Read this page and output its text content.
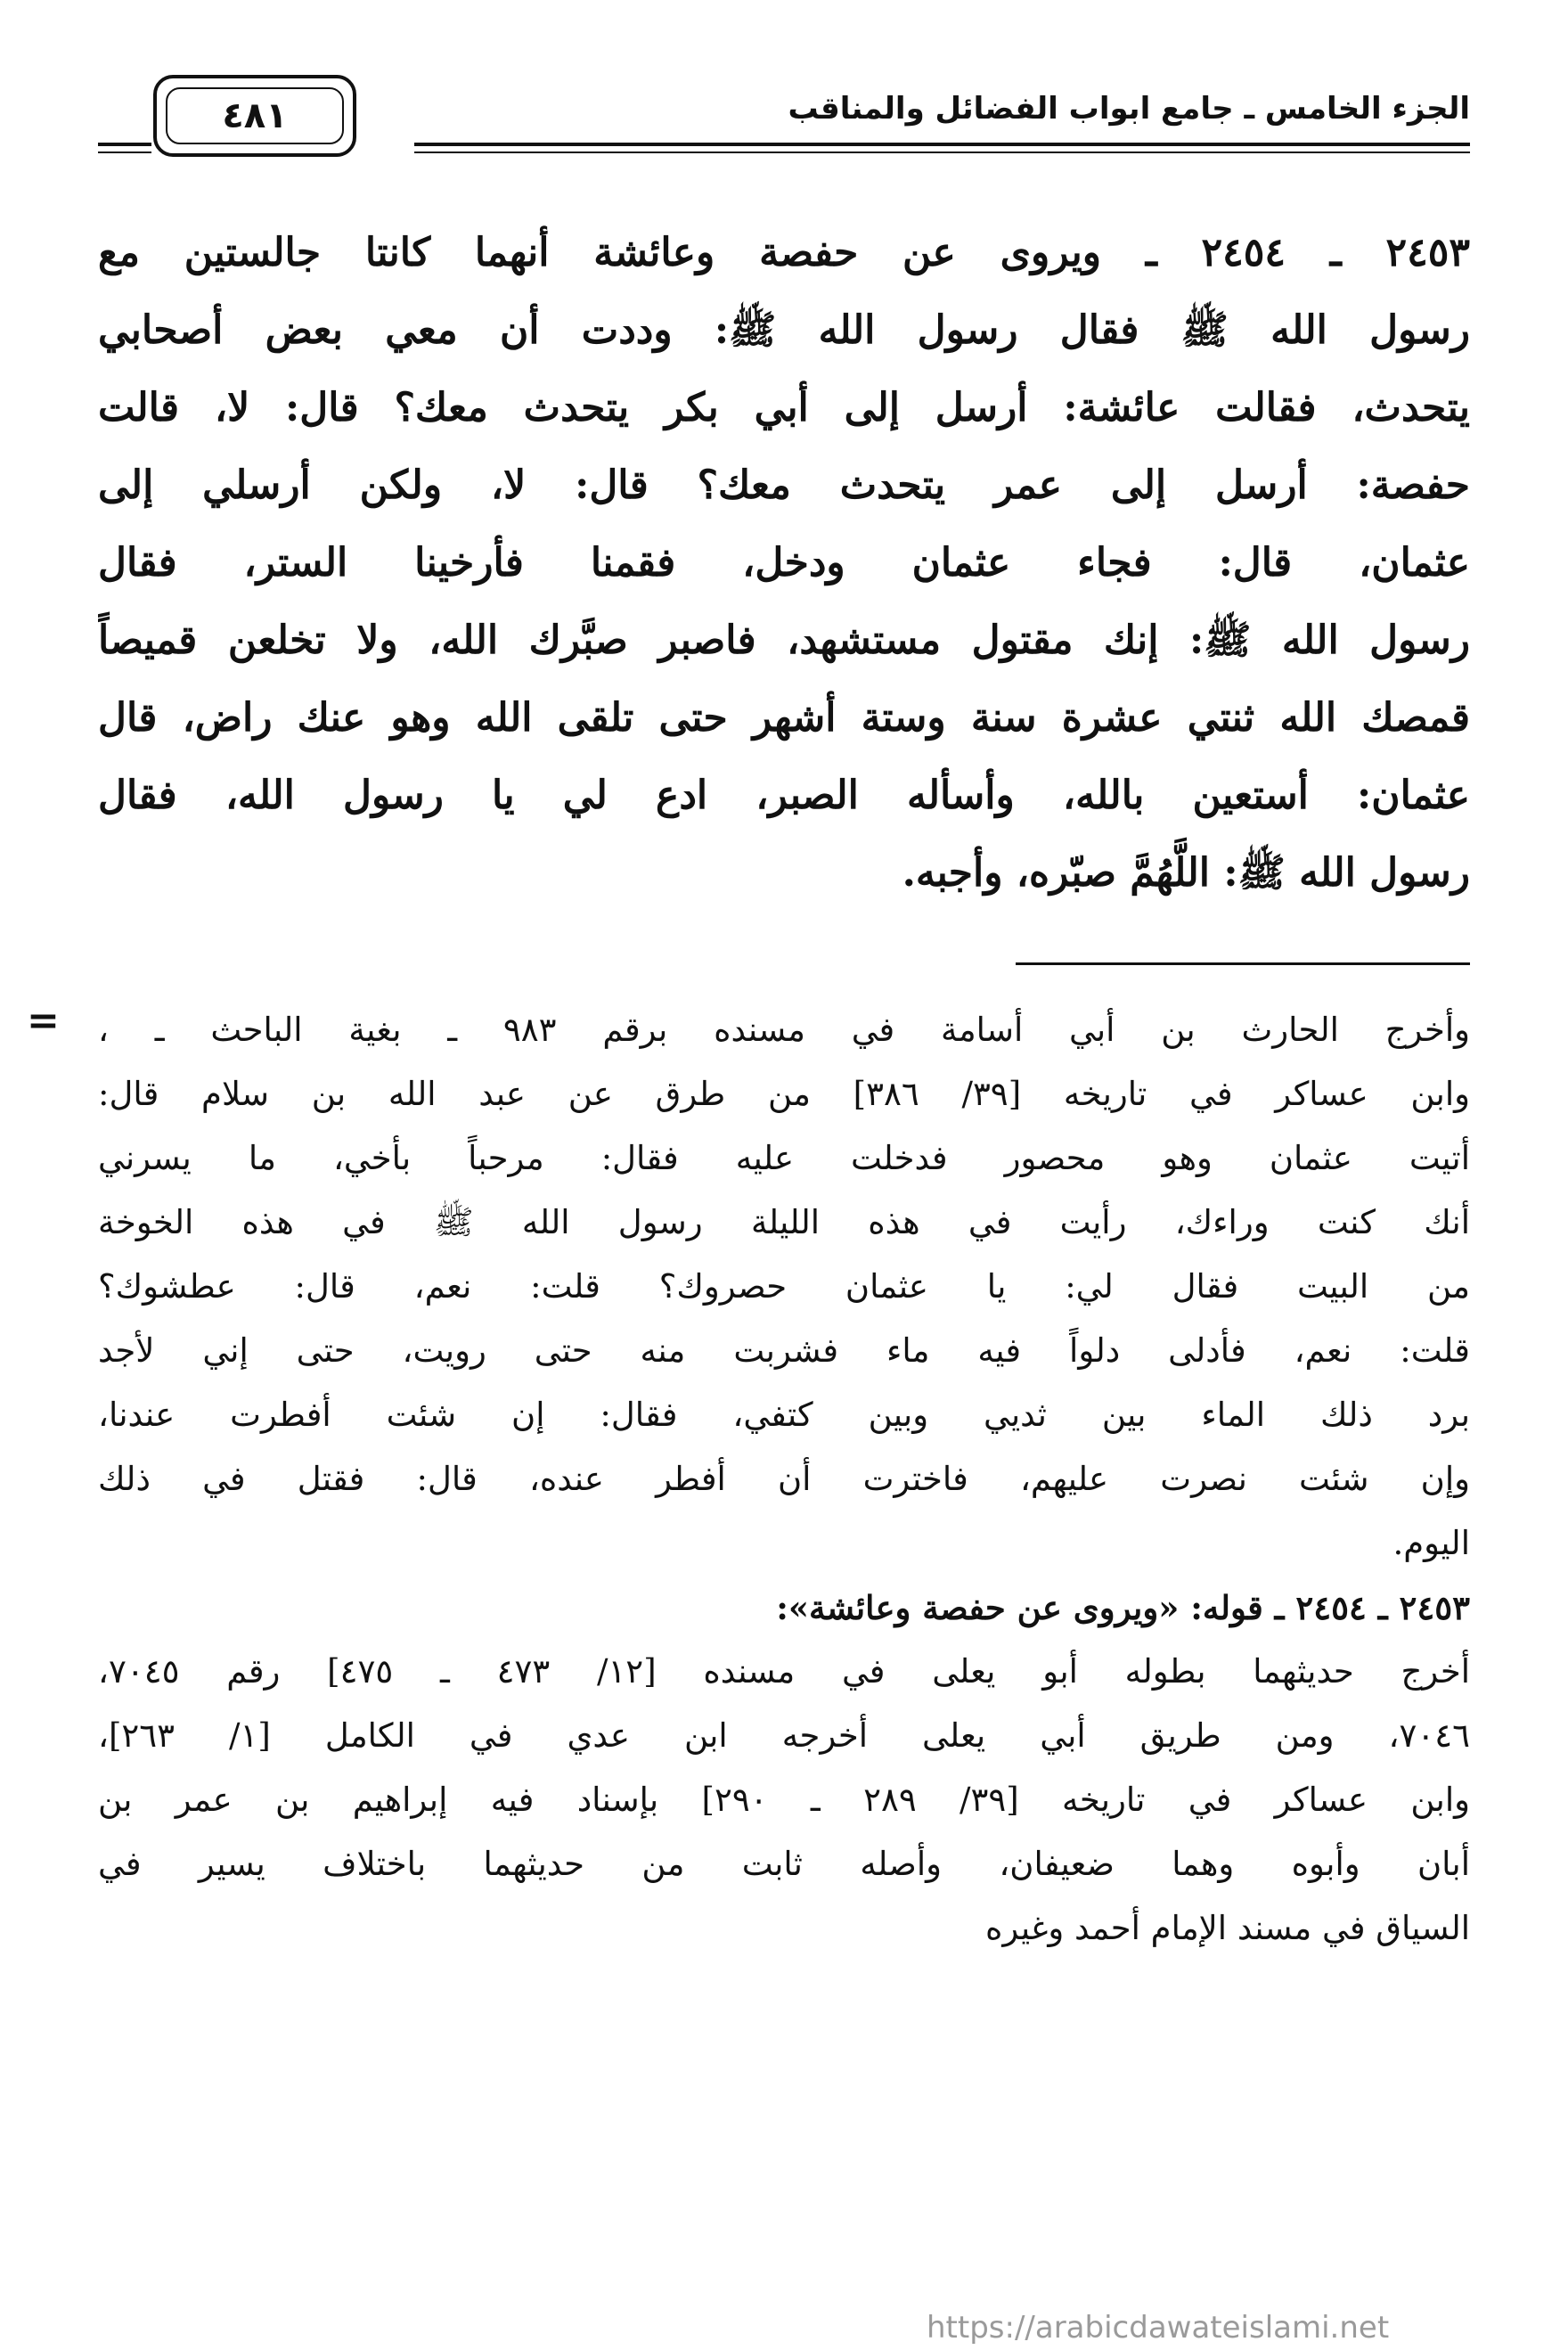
الجزء الخامس ـ جامع ابواب الفضائل والمناقب
٤٨١
٢٤٥٣ ـ ٢٤٥٤ ـ ويروى عن حفصة وعائشة أنهما كانتا جالستين مع
رسول الله ﷺ فقال رسول الله ﷺ: وددت أن معي بعض أصحابي
يتحدث، فقالت عائشة: أرسل إلى أبي بكر يتحدث معك؟ قال: لا، قالت
حفصة: أرسل إلى عمر يتحدث معك؟ قال: لا، ولكن أرسلي إلى
عثمان، قال: فجاء عثمان ودخل، فقمنا فأرخينا الستر، فقال
رسول الله ﷺ: إنك مقتول مستشهد، فاصبر صبَّرك الله، ولا تخلعن قميصاً
قمصك الله ثنتي عشرة سنة وستة أشهر حتى تلقى الله وهو عنك راض، قال
عثمان: أستعين بالله، وأسأله الصبر، ادع لي يا رسول الله، فقال
رسول الله ﷺ: اللَّهُمَّ صبّره، وأجبه.
= وأخرج الحارث بن أبي أسامة في مسنده برقم ٩٨٣ ـ بغية الباحث ـ ،
وابن عساكر في تاريخه [٣٩/ ٣٨٦] من طرق عن عبد الله بن سلام قال:
أتيت عثمان وهو محصور فدخلت عليه فقال: مرحباً بأخي، ما يسرني
أنك كنت وراءك، رأيت في هذه الليلة رسول الله ﷺ في هذه الخوخة
من البيت فقال لي: يا عثمان حصروك؟ قلت: نعم، قال: عطشوك؟
قلت: نعم، فأدلى دلواً فيه ماء فشربت منه حتى رويت، حتى إني لأجد
برد ذلك الماء بين ثديي وبين كتفي، فقال: إن شئت أفطرت عندنا،
وإن شئت نصرت عليهم، فاخترت أن أفطر عنده، قال: فقتل في ذلك
اليوم.
٢٤٥٣ ـ ٢٤٥٤ ـ قوله: «ويروى عن حفصة وعائشة»:
أخرج حديثهما بطوله أبو يعلى في مسنده [١٢/ ٤٧٣ ـ ٤٧٥] رقم ٧٠٤٥،
٧٠٤٦، ومن طريق أبي يعلى أخرجه ابن عدي في الكامل [١/ ٢٦٣]،
وابن عساكر في تاريخه [٣٩/ ٢٨٩ ـ ٢٩٠] بإسناد فيه إبراهيم بن عمر بن
أبان وأبوه وهما ضعيفان، وأصله ثابت من حديثهما باختلاف يسير في
السياق في مسند الإمام أحمد وغيره
https://arabicdawateislami.net
